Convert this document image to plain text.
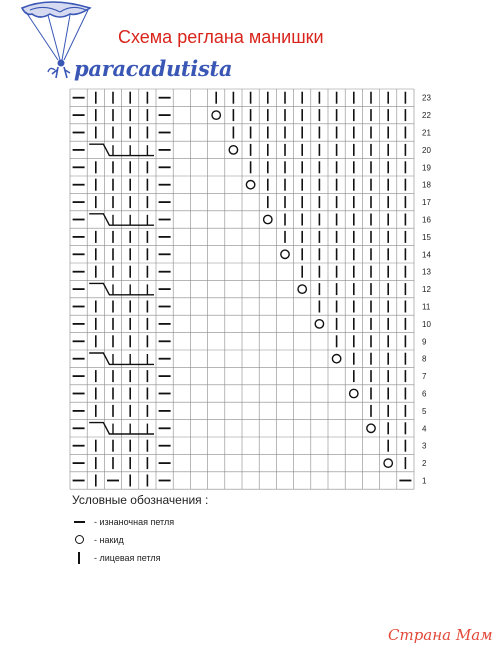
paracadutista
Схема реглана манишки
23
22
21
20
19
18
17
16
15
14
13
12
11
10
9
8
7
6
5
4
3
2
1
Условные обозначения :
- изнаночная петля
- накид
- лицевая петля
Страна Мам
